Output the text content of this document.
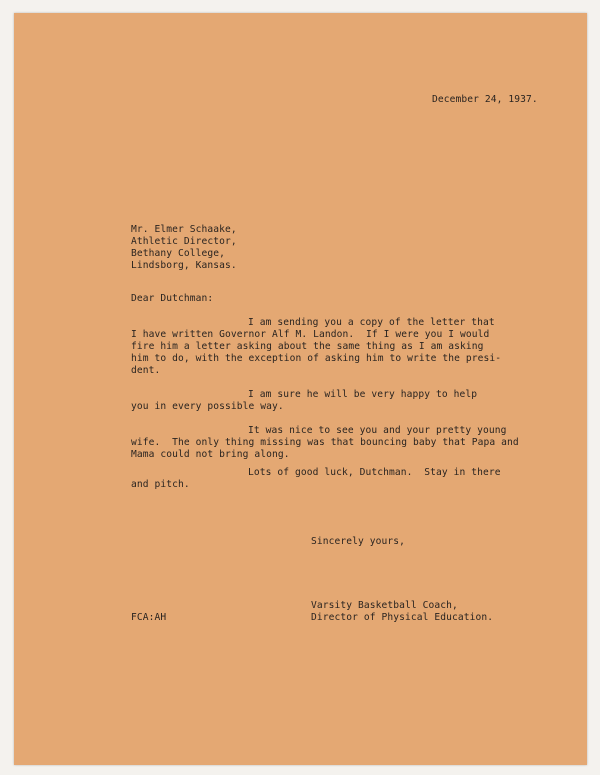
December 24, 1937.
Mr. Elmer Schaake,
Athletic Director,
Bethany College,
Lindsborg, Kansas.
Dear Dutchman:
I am sending you a copy of the letter that
I have written Governor Alf M. Landon.  If I were you I would
fire him a letter asking about the same thing as I am asking
him to do, with the exception of asking him to write the presi-
dent.
I am sure he will be very happy to help
you in every possible way.
It was nice to see you and your pretty young
wife.  The only thing missing was that bouncing baby that Papa and
Mama could not bring along.
Lots of good luck, Dutchman.  Stay in there
and pitch.
Sincerely yours,
Varsity Basketball Coach,
FCA:AH	Director of Physical Education.
